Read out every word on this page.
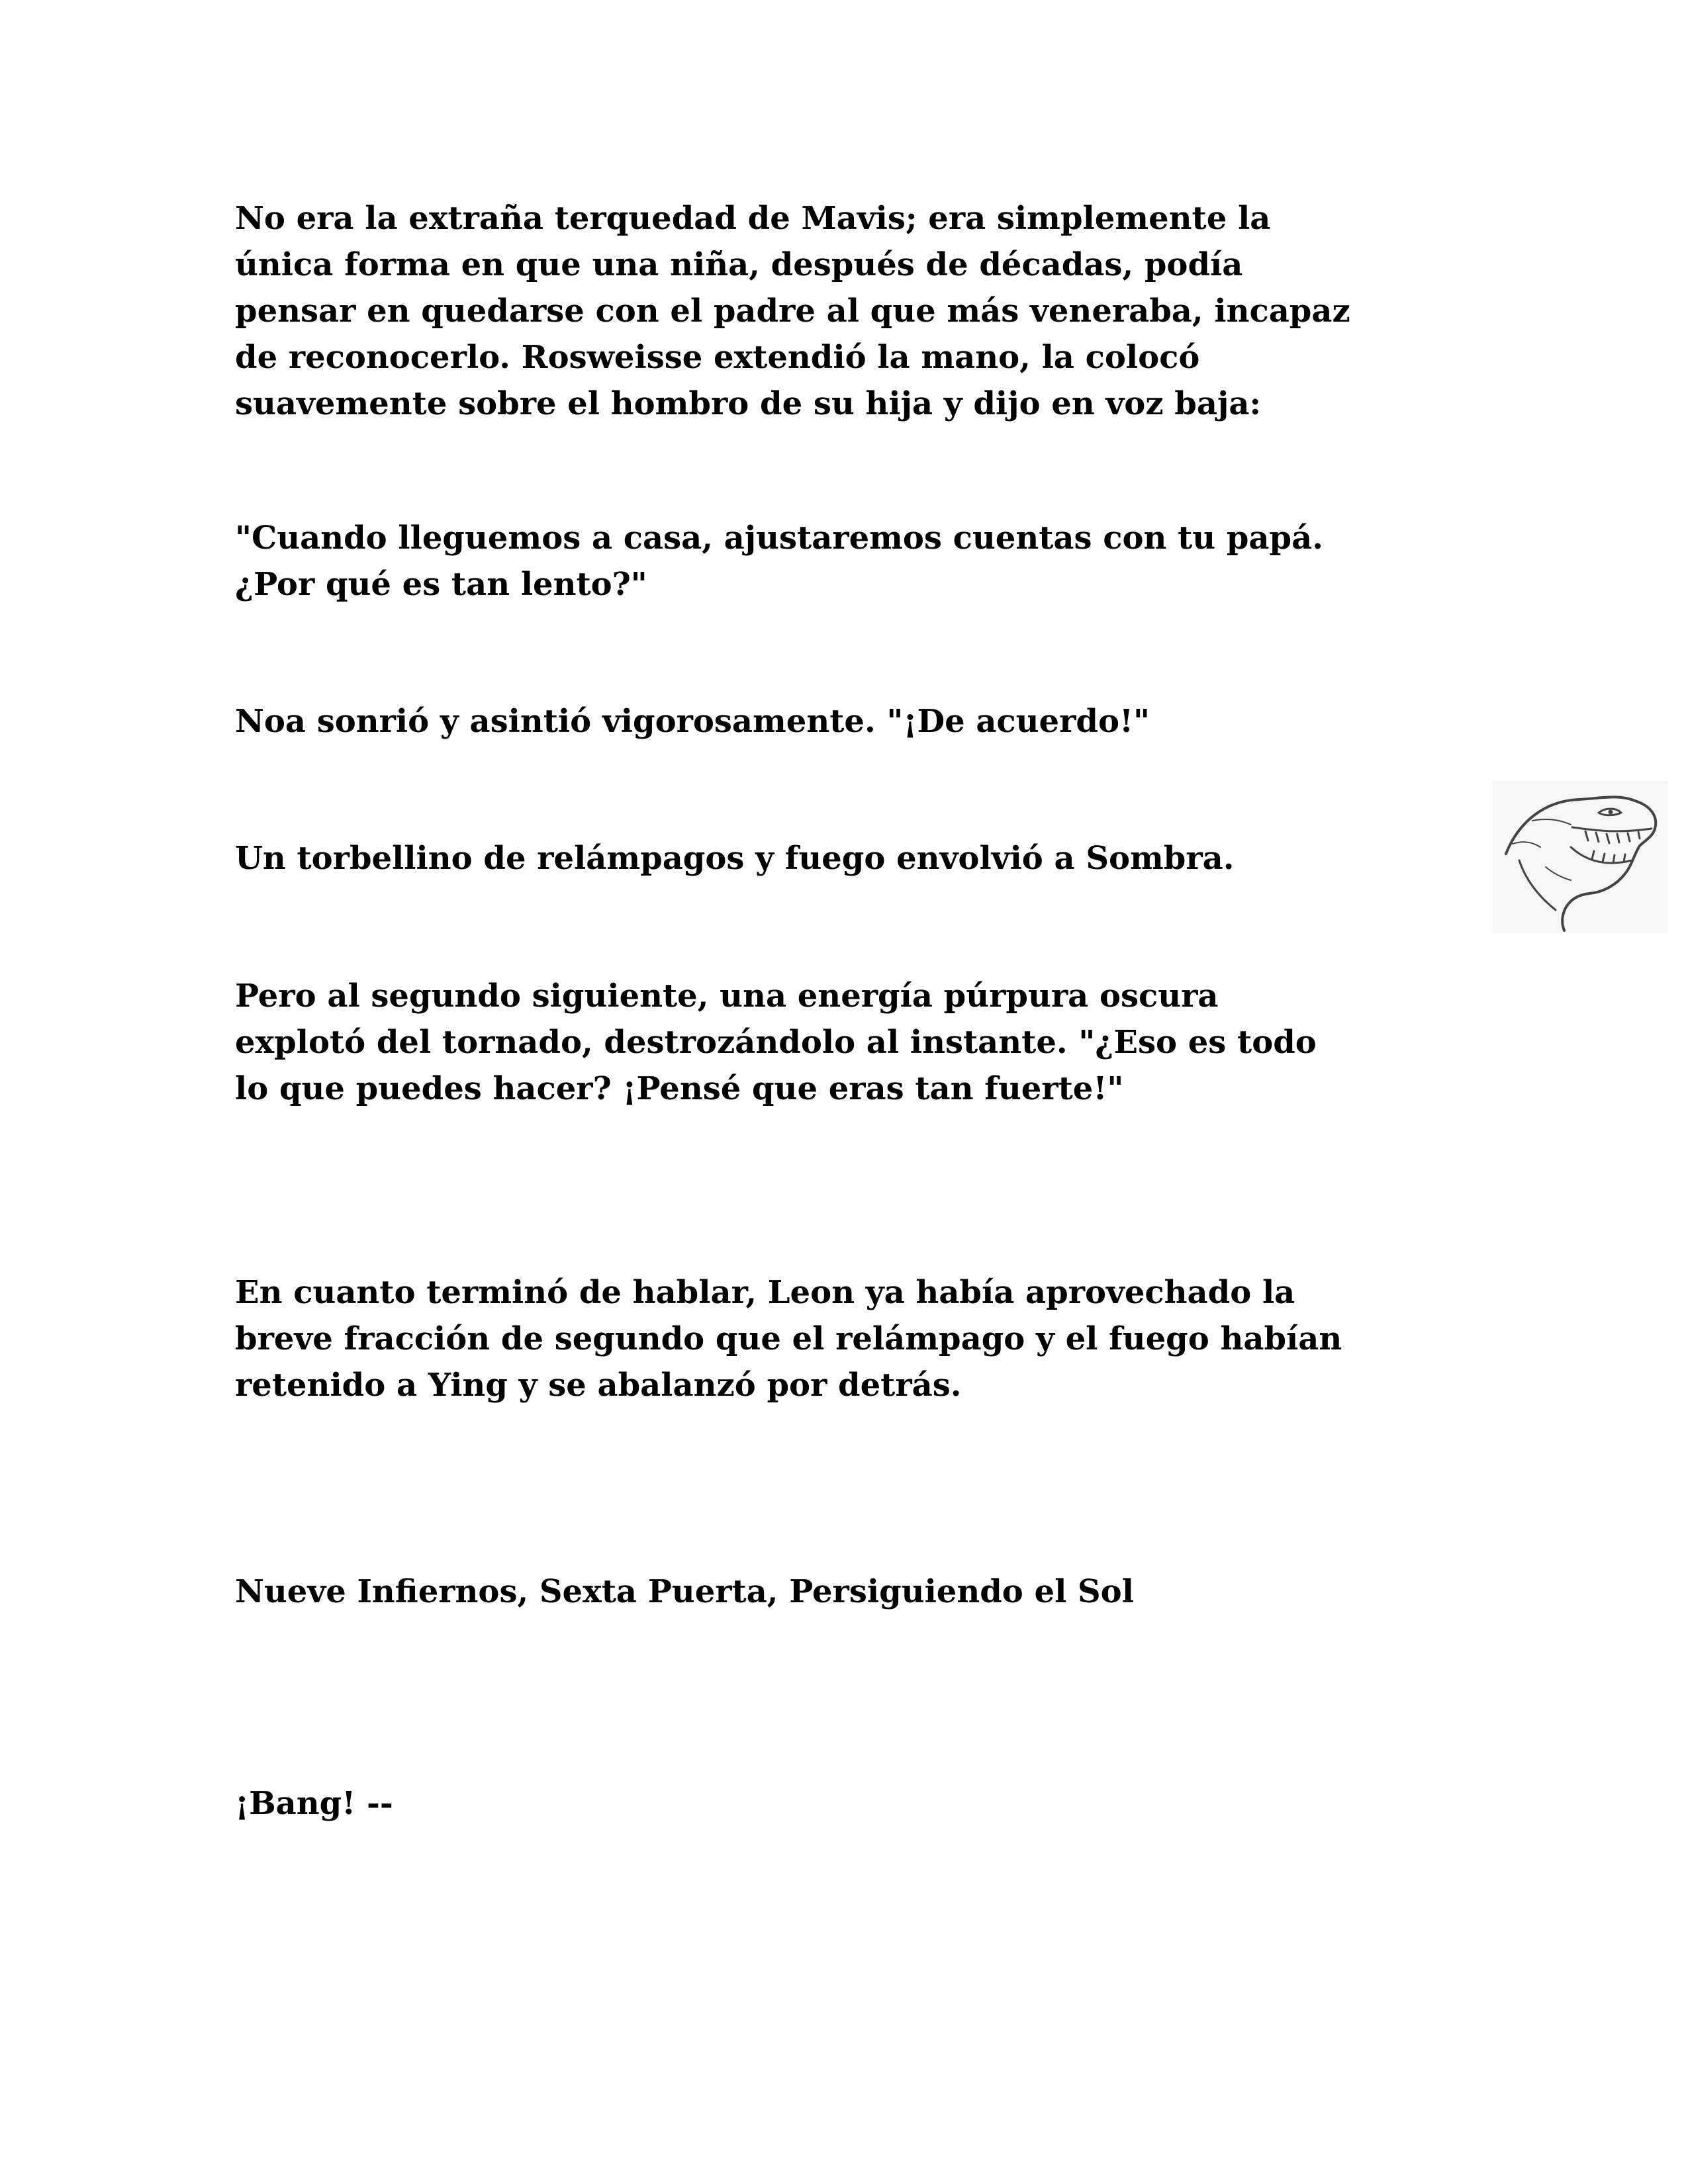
No era la extraña terquedad de Mavis; era simplemente la
única forma en que una niña, después de décadas, podía
pensar en quedarse con el padre al que más veneraba, incapaz
de reconocerlo. Rosweisse extendió la mano, la colocó
suavemente sobre el hombro de su hija y dijo en voz baja:

"Cuando lleguemos a casa, ajustaremos cuentas con tu papá.
¿Por qué es tan lento?"

Noa sonrió y asintió vigorosamente. "¡De acuerdo!"

Un torbellino de relámpagos y fuego envolvió a Sombra.

Pero al segundo siguiente, una energía púrpura oscura
explotó del tornado, destrozándolo al instante. "¿Eso es todo
lo que puedes hacer? ¡Pensé que eras tan fuerte!"

En cuanto terminó de hablar, Leon ya había aprovechado la
breve fracción de segundo que el relámpago y el fuego habían
retenido a Ying y se abalanzó por detrás.

Nueve Infiernos, Sexta Puerta, Persiguiendo el Sol

¡Bang! --
